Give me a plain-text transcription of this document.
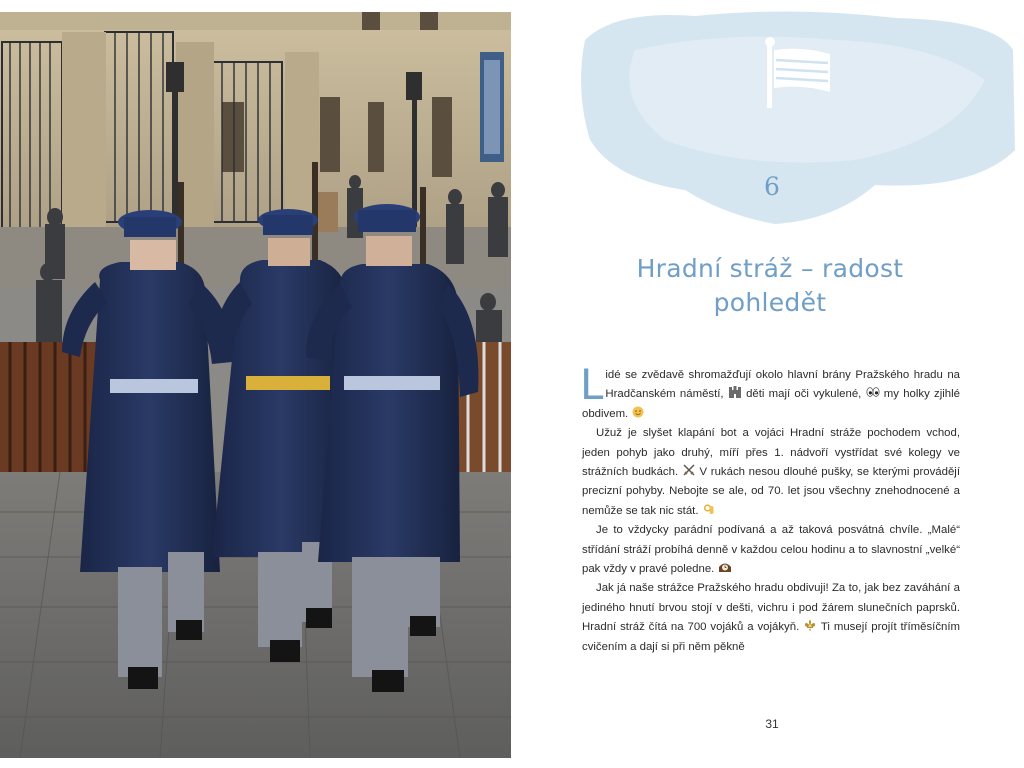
6
Hradní stráž – radost pohledět

Lidé se zvědavě shromažďují okolo hlavní brány Pražského hradu na Hradčanském náměstí, děti mají oči vykulené, my holky zjihlé obdivem.

Užuž je slyšet klapání bot a vojáci Hradní stráže pochodem vchod, jeden pohyb jako druhý, míří přes 1. nádvoří vystřídat své kolegy ve strážních budkách. V rukách nesou dlouhé pušky, se kterými provádějí precizní pohyby. Nebojte se ale, od 70. let jsou všechny znehodnocené a nemůže se tak nic stát.

Je to vždycky parádní podívaná a až taková posvátná chvíle. „Malé“ střídání stráží probíhá denně v každou celou hodinu a to slavnostní „velké“ pak vždy v pravé poledne.

Jak já naše strážce Pražského hradu obdivuji! Za to, jak bez zaváhání a jediného hnutí brvou stojí v dešti, vichru i pod žárem slunečních paprsků. Hradní stráž čítá na 700 vojáků a vojákyň. Ti musejí projít tříměsíčním cvičením a dají si při něm pěkně

31
